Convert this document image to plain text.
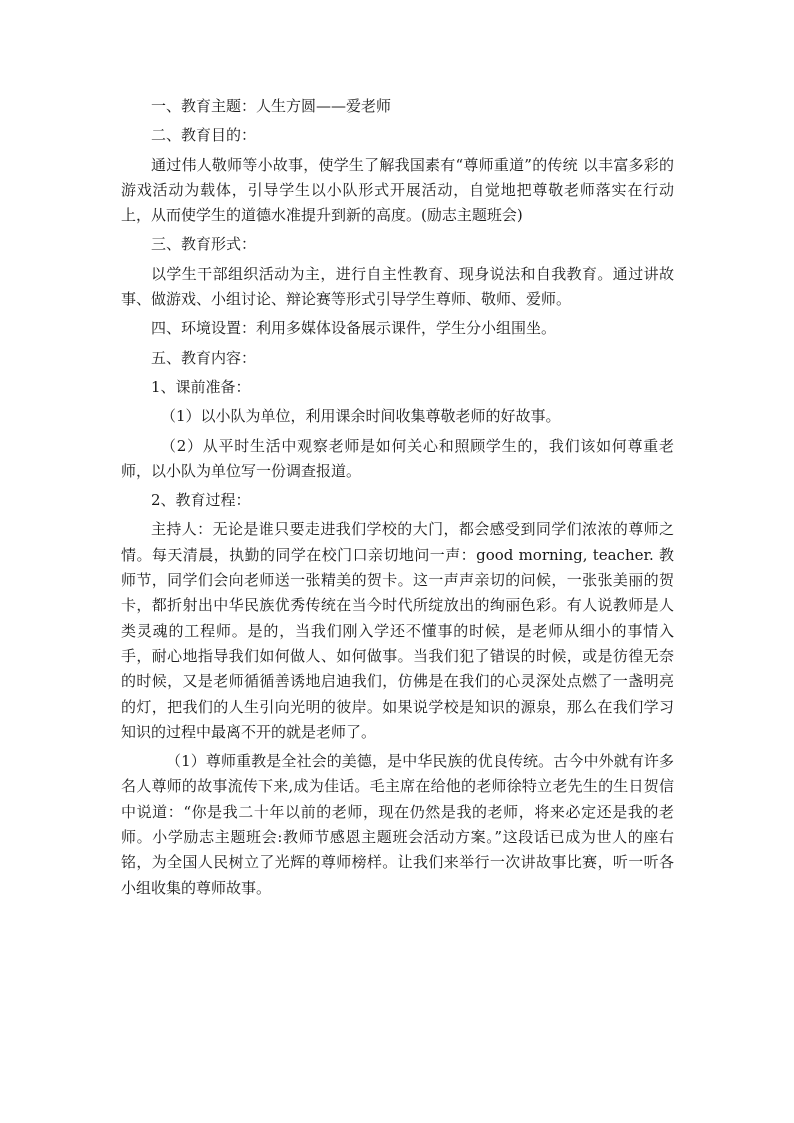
一、教育主题：人生方圆——爱老师

二、教育目的：

通过伟人敬师等小故事，使学生了解我国素有“尊师重道”的传统 以丰富多彩的游戏活动为载体，引导学生以小队形式开展活动，自觉地把尊敬老师落实在行动上，从而使学生的道德水准提升到新的高度。(励志主题班会)

三、教育形式：

以学生干部组织活动为主，进行自主性教育、现身说法和自我教育。通过讲故事、做游戏、小组讨论、辩论赛等形式引导学生尊师、敬师、爱师。

四、环境设置：利用多媒体设备展示课件，学生分小组围坐。

五、教育内容：

1、课前准备：

（1）以小队为单位，利用课余时间收集尊敬老师的好故事。

（2）从平时生活中观察老师是如何关心和照顾学生的，我们该如何尊重老师，以小队为单位写一份调查报道。

2、教育过程：

主持人：无论是谁只要走进我们学校的大门，都会感受到同学们浓浓的尊师之情。每天清晨，执勤的同学在校门口亲切地问一声：good morning, teacher. 教师节，同学们会向老师送一张精美的贺卡。这一声声亲切的问候，一张张美丽的贺卡，都折射出中华民族优秀传统在当今时代所绽放出的绚丽色彩。有人说教师是人类灵魂的工程师。是的，当我们刚入学还不懂事的时候，是老师从细小的事情入手，耐心地指导我们如何做人、如何做事。当我们犯了错误的时候，或是彷徨无奈的时候，又是老师循循善诱地启迪我们，仿佛是在我们的心灵深处点燃了一盏明亮的灯，把我们的人生引向光明的彼岸。如果说学校是知识的源泉，那么在我们学习知识的过程中最离不开的就是老师了。

（1）尊师重教是全社会的美德，是中华民族的优良传统。古今中外就有许多名人尊师的故事流传下来,成为佳话。毛主席在给他的老师徐特立老先生的生日贺信中说道：“你是我二十年以前的老师，现在仍然是我的老师，将来必定还是我的老师。小学励志主题班会:教师节感恩主题班会活动方案。”这段话已成为世人的座右铭，为全国人民树立了光辉的尊师榜样。让我们来举行一次讲故事比赛，听一听各小组收集的尊师故事。
